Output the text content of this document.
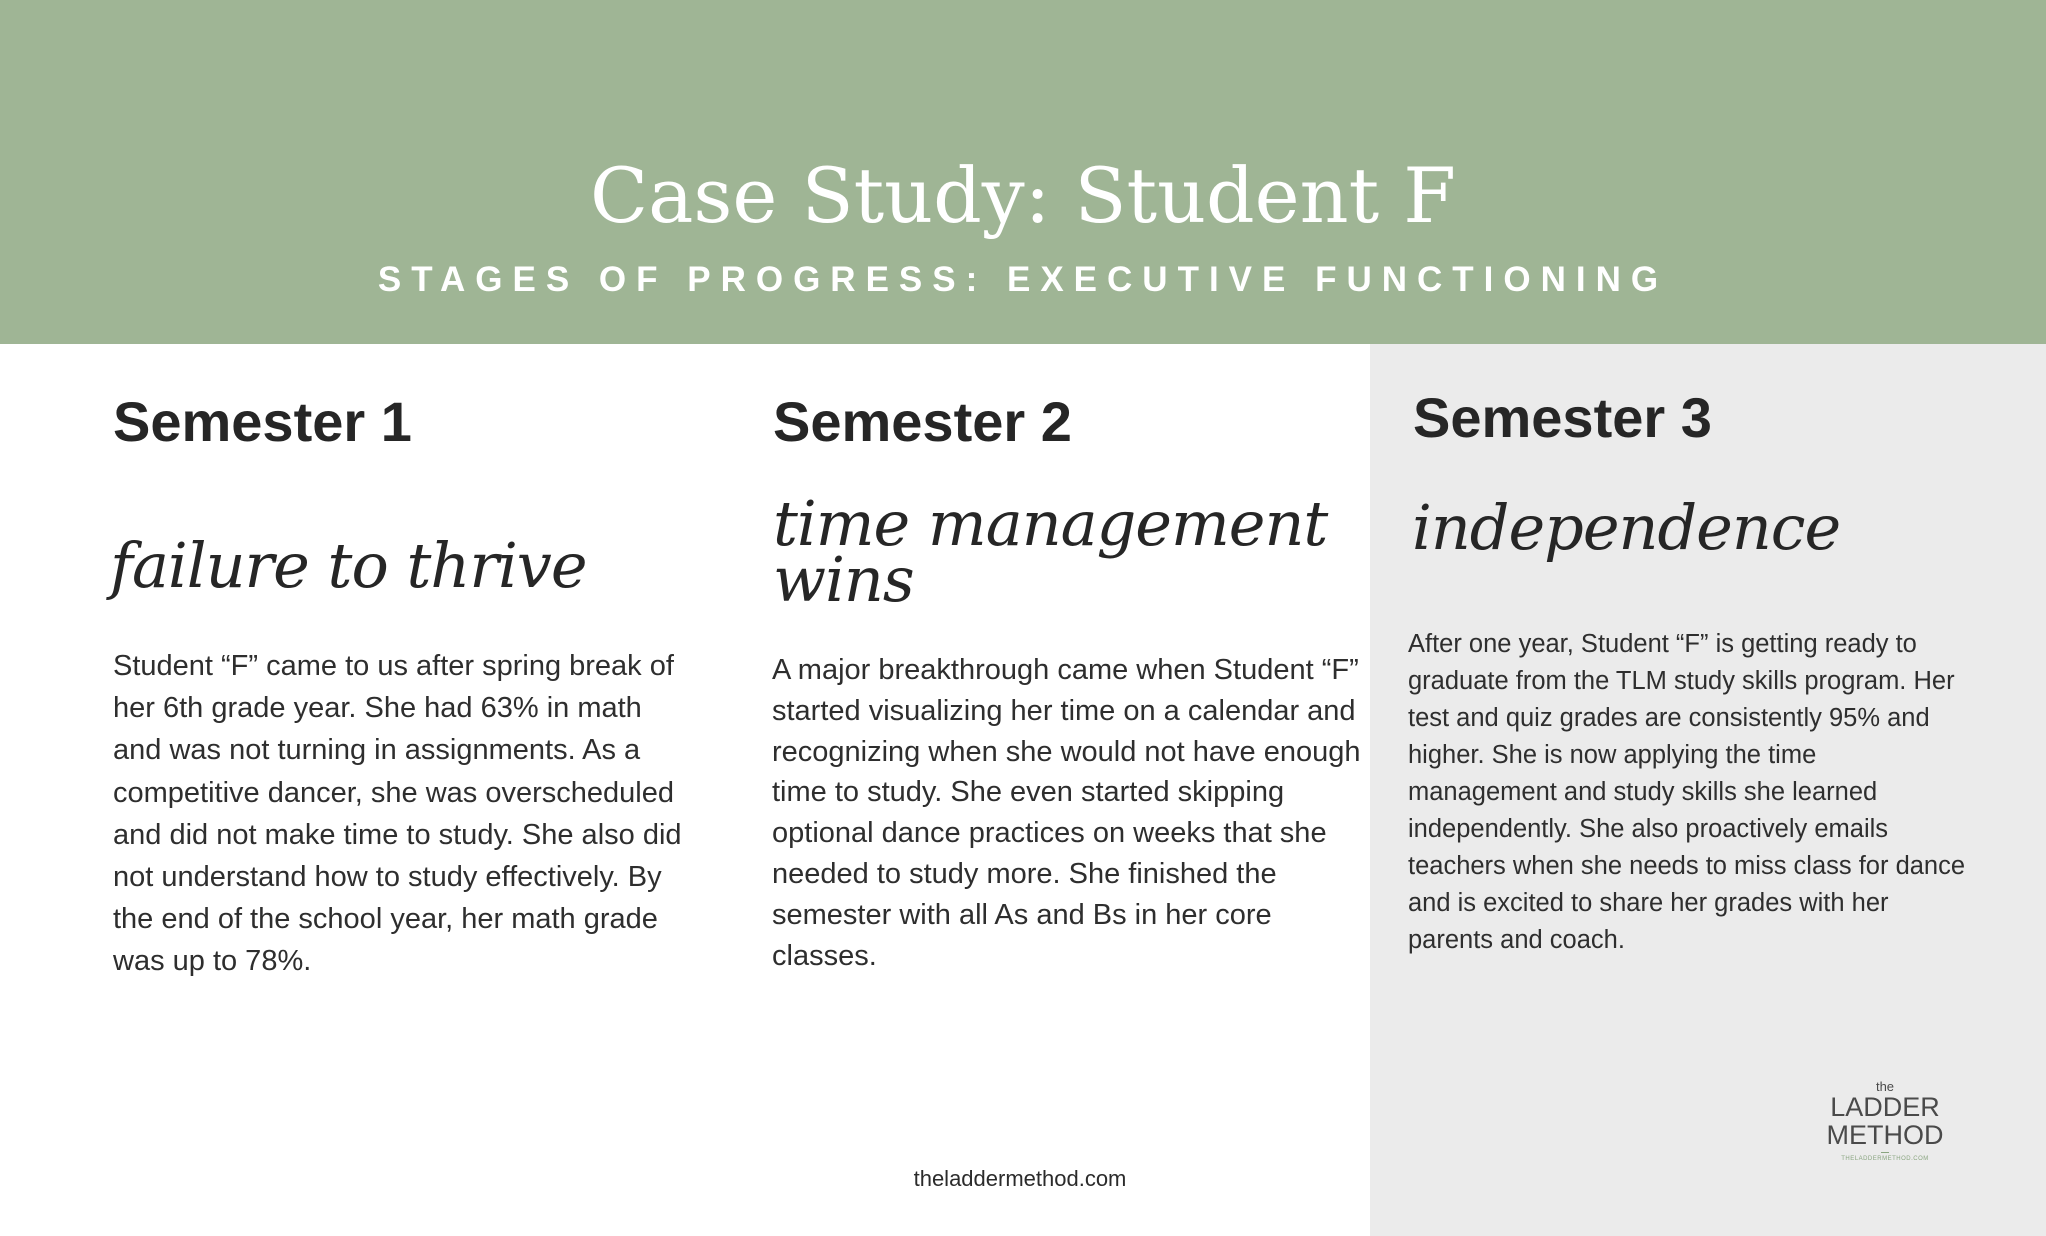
Case Study: Student F
STAGES OF PROGRESS: EXECUTIVE FUNCTIONING
Semester 1
failure to thrive
Student “F” came to us after spring break of her 6th grade year. She had 63% in math and was not turning in assignments. As a competitive dancer, she was overscheduled and did not make time to study. She also did not understand how to study effectively. By the end of the school year, her math grade was up to 78%.
Semester 2
time management wins
A major breakthrough came when Student “F” started visualizing her time on a calendar and recognizing when she would not have enough time to study. She even started skipping optional dance practices on weeks that she needed to study more. She finished the semester with all As and Bs in her core classes.
Semester 3
independence
After one year, Student “F” is getting ready to graduate from the TLM study skills program. Her test and quiz grades are consistently 95% and higher. She is now applying the time management and study skills she learned independently. She also proactively emails teachers when she needs to miss class for dance and is excited to share her grades with her parents and coach.
theladdermethod.com
the
LADDER
METHOD
THELADDERMETHOD.COM
